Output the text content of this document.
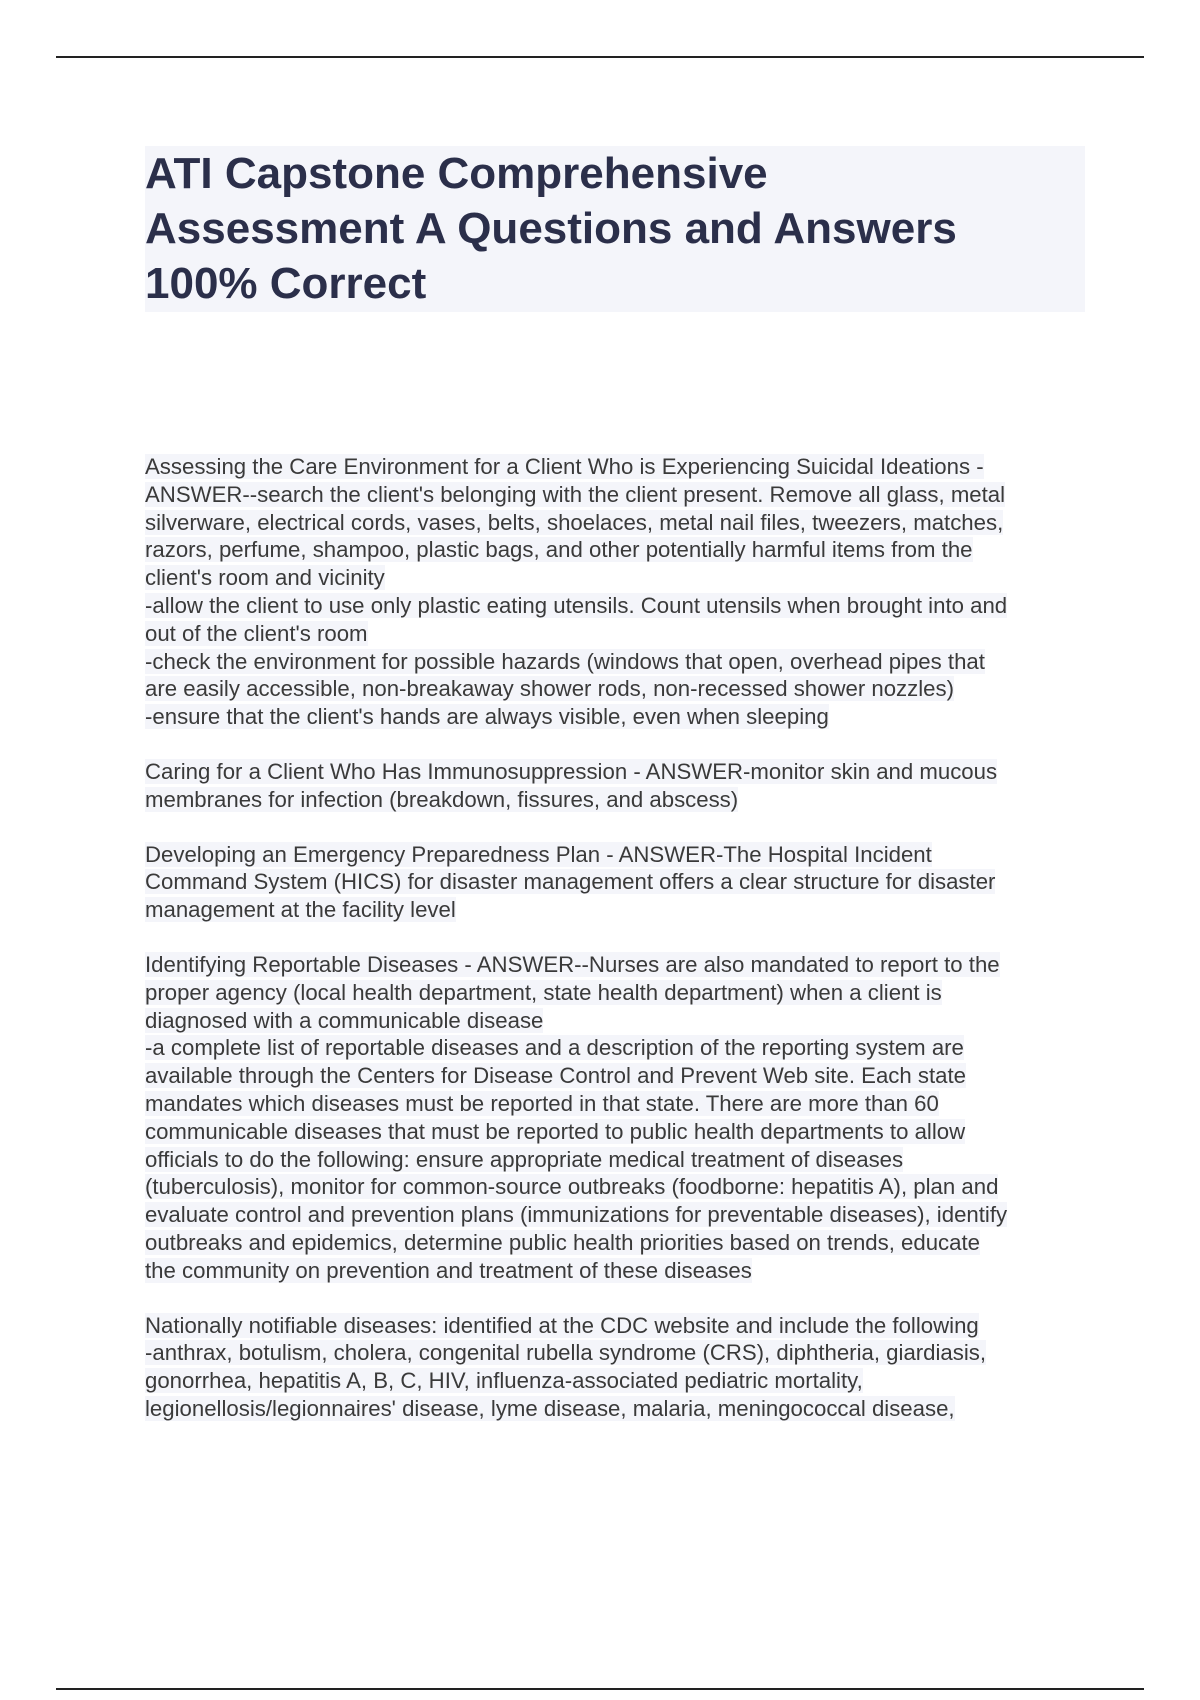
ATI Capstone Comprehensive
Assessment A Questions and Answers
100% Correct
Assessing the Care Environment for a Client Who is Experiencing Suicidal Ideations -
ANSWER--search the client's belonging with the client present. Remove all glass, metal
silverware, electrical cords, vases, belts, shoelaces, metal nail files, tweezers, matches,
razors, perfume, shampoo, plastic bags, and other potentially harmful items from the
client's room and vicinity
-allow the client to use only plastic eating utensils. Count utensils when brought into and
out of the client's room
-check the environment for possible hazards (windows that open, overhead pipes that
are easily accessible, non-breakaway shower rods, non-recessed shower nozzles)
-ensure that the client's hands are always visible, even when sleeping
Caring for a Client Who Has Immunosuppression - ANSWER-monitor skin and mucous
membranes for infection (breakdown, fissures, and abscess)
Developing an Emergency Preparedness Plan - ANSWER-The Hospital Incident
Command System (HICS) for disaster management offers a clear structure for disaster
management at the facility level
Identifying Reportable Diseases - ANSWER--Nurses are also mandated to report to the
proper agency (local health department, state health department) when a client is
diagnosed with a communicable disease
-a complete list of reportable diseases and a description of the reporting system are
available through the Centers for Disease Control and Prevent Web site. Each state
mandates which diseases must be reported in that state. There are more than 60
communicable diseases that must be reported to public health departments to allow
officials to do the following: ensure appropriate medical treatment of diseases
(tuberculosis), monitor for common-source outbreaks (foodborne: hepatitis A), plan and
evaluate control and prevention plans (immunizations for preventable diseases), identify
outbreaks and epidemics, determine public health priorities based on trends, educate
the community on prevention and treatment of these diseases
Nationally notifiable diseases: identified at the CDC website and include the following
-anthrax, botulism, cholera, congenital rubella syndrome (CRS), diphtheria, giardiasis,
gonorrhea, hepatitis A, B, C, HIV, influenza-associated pediatric mortality,
legionellosis/legionnaires' disease, lyme disease, malaria, meningococcal disease,
